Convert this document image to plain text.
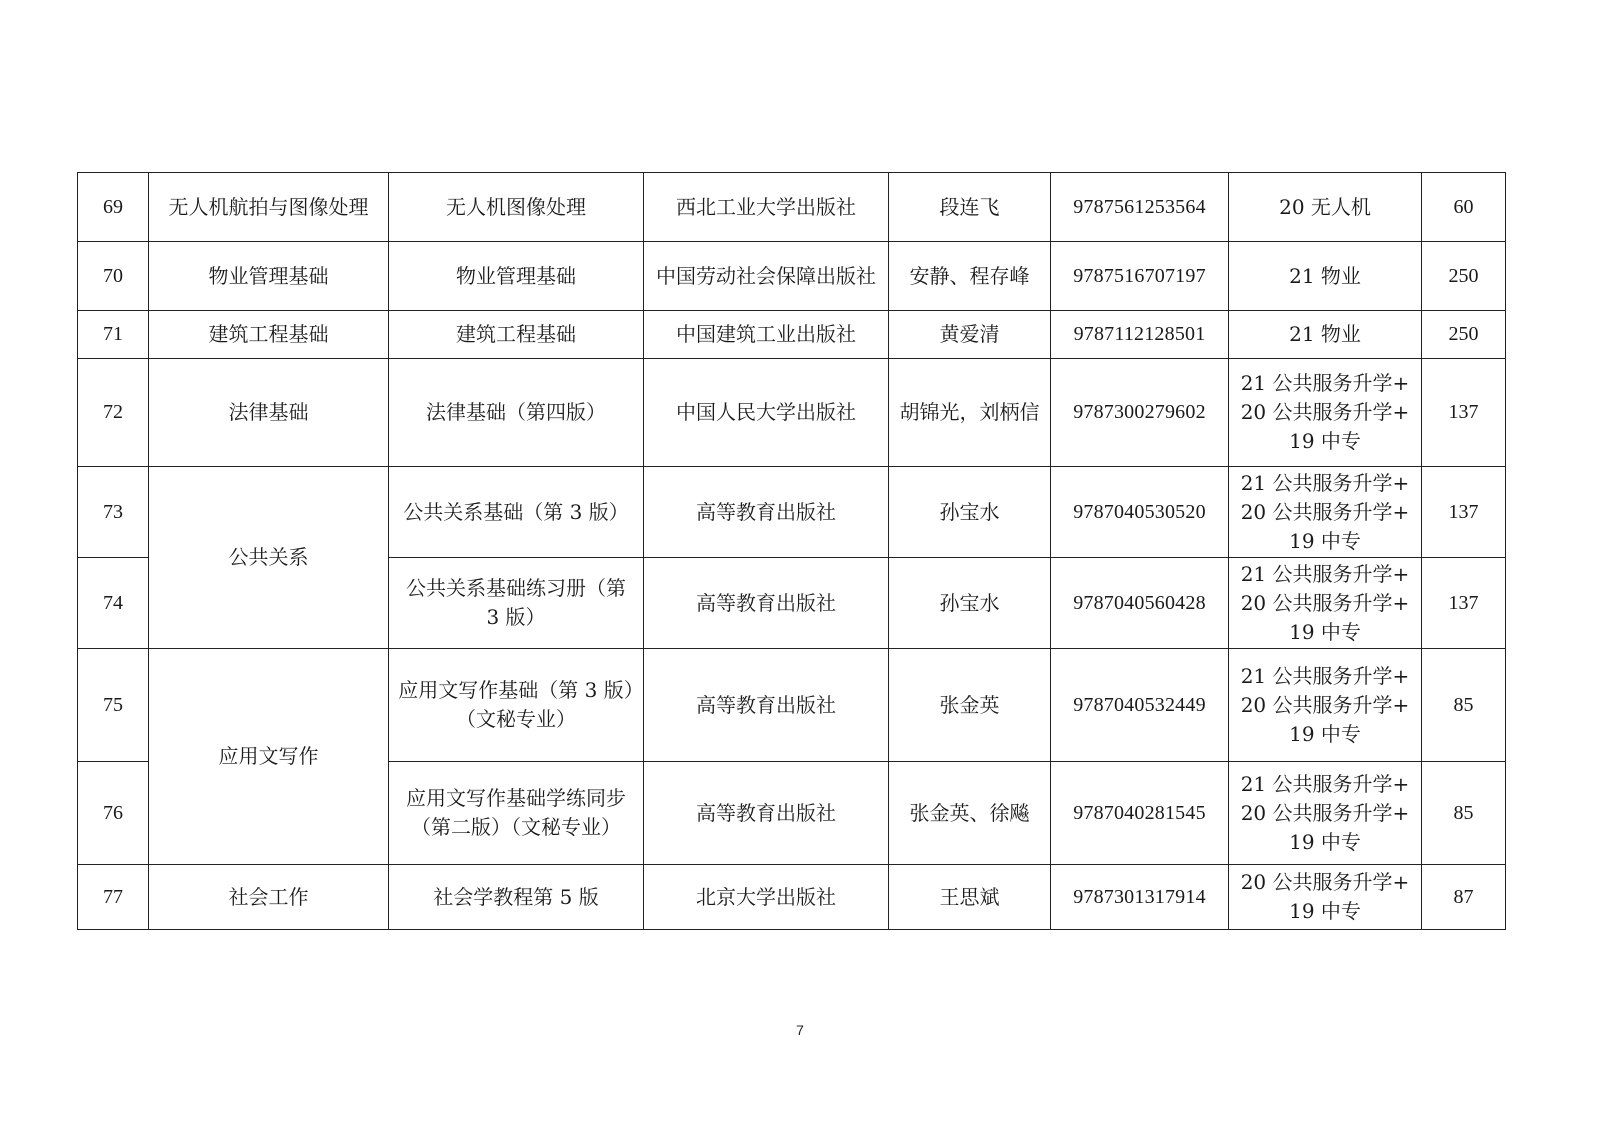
69	无人机航拍与图像处理	无人机图像处理	西北工业大学出版社	段连飞	9787561253564	20 无人机	60
70	物业管理基础	物业管理基础	中国劳动社会保障出版社	安静、程存峰	9787516707197	21 物业	250
71	建筑工程基础	建筑工程基础	中国建筑工业出版社	黄爱清	9787112128501	21 物业	250
72	法律基础	法律基础（第四版）	中国人民大学出版社	胡锦光，刘柄信	9787300279602	21 公共服务升学+20 公共服务升学+19 中专	137
73	公共关系	公共关系基础（第 3 版）	高等教育出版社	孙宝水	9787040530520	21 公共服务升学+20 公共服务升学+19 中专	137
74		公共关系基础练习册（第 3 版）	高等教育出版社	孙宝水	9787040560428	21 公共服务升学+20 公共服务升学+19 中专	137
75	应用文写作	应用文写作基础（第 3 版）（文秘专业）	高等教育出版社	张金英	9787040532449	21 公共服务升学+20 公共服务升学+19 中专	85
76		应用文写作基础学练同步（第二版）（文秘专业）	高等教育出版社	张金英、徐飚	9787040281545	21 公共服务升学+20 公共服务升学+19 中专	85
77	社会工作	社会学教程第 5 版	北京大学出版社	王思斌	9787301317914	20 公共服务升学+19 中专	87
7
